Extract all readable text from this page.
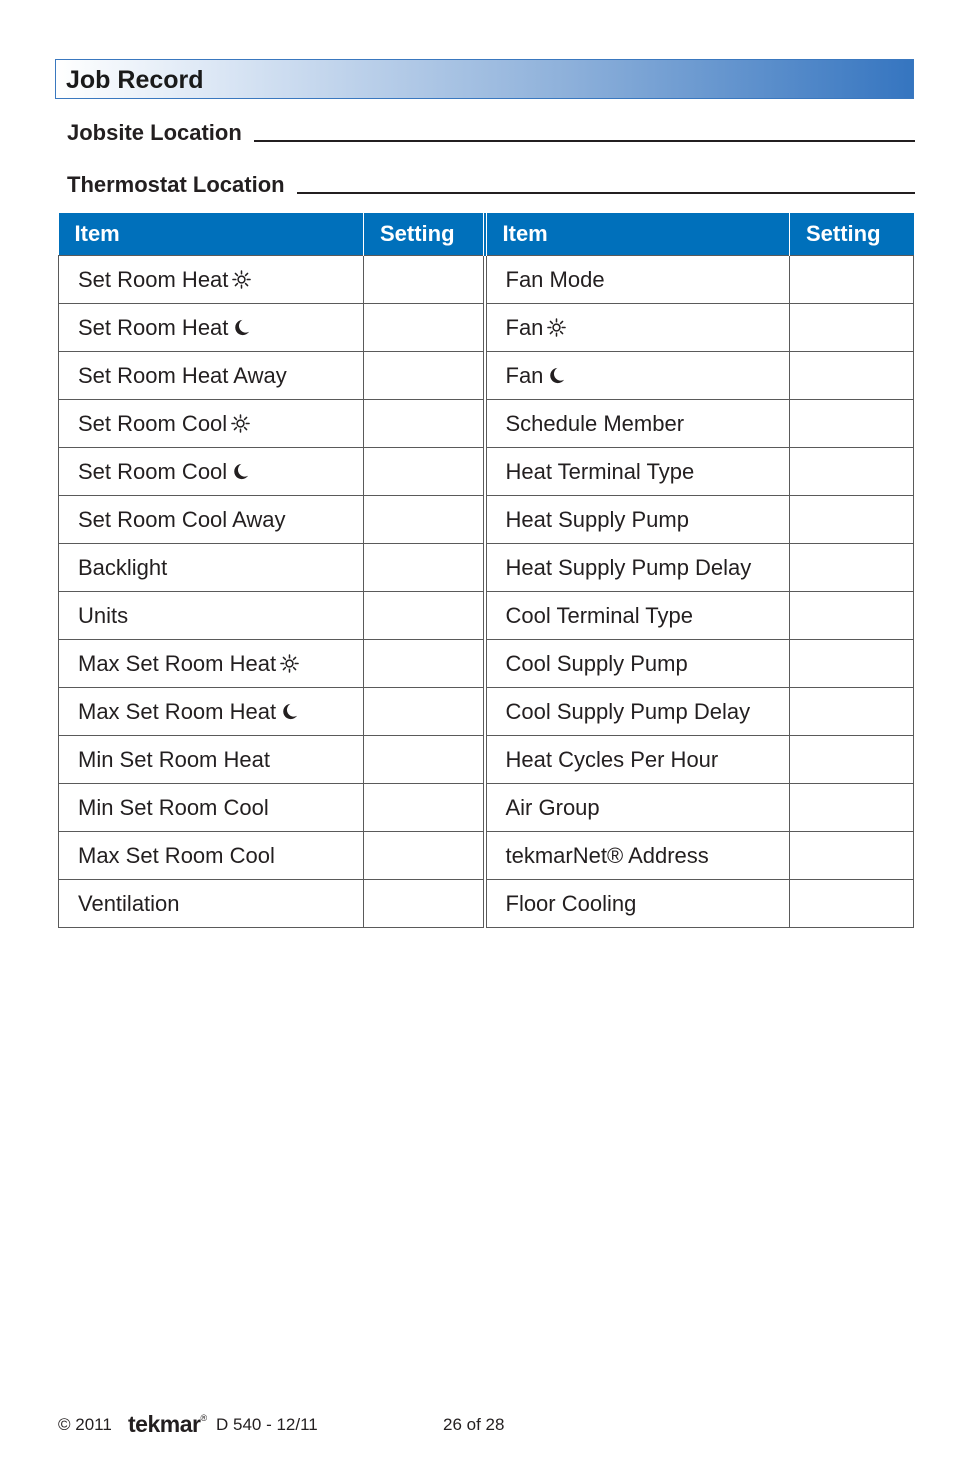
Job Record
Jobsite Location
Thermostat Location
Item	Setting	Item	Setting
Set Room Heat		Fan Mode	
Set Room Heat		Fan	
Set Room Heat Away		Fan	
Set Room Cool		Schedule Member	
Set Room Cool		Heat Terminal Type	
Set Room Cool Away		Heat Supply Pump	
Backlight		Heat Supply Pump Delay	
Units		Cool Terminal Type	
Max Set Room Heat		Cool Supply Pump	
Max Set Room Heat		Cool Supply Pump Delay	
Min Set Room Heat		Heat Cycles Per Hour	
Min Set Room Cool		Air Group	
Max Set Room Cool		tekmarNet® Address	
Ventilation		Floor Cooling	
© 2011 tekmar® D 540 - 12/11	26 of 28
